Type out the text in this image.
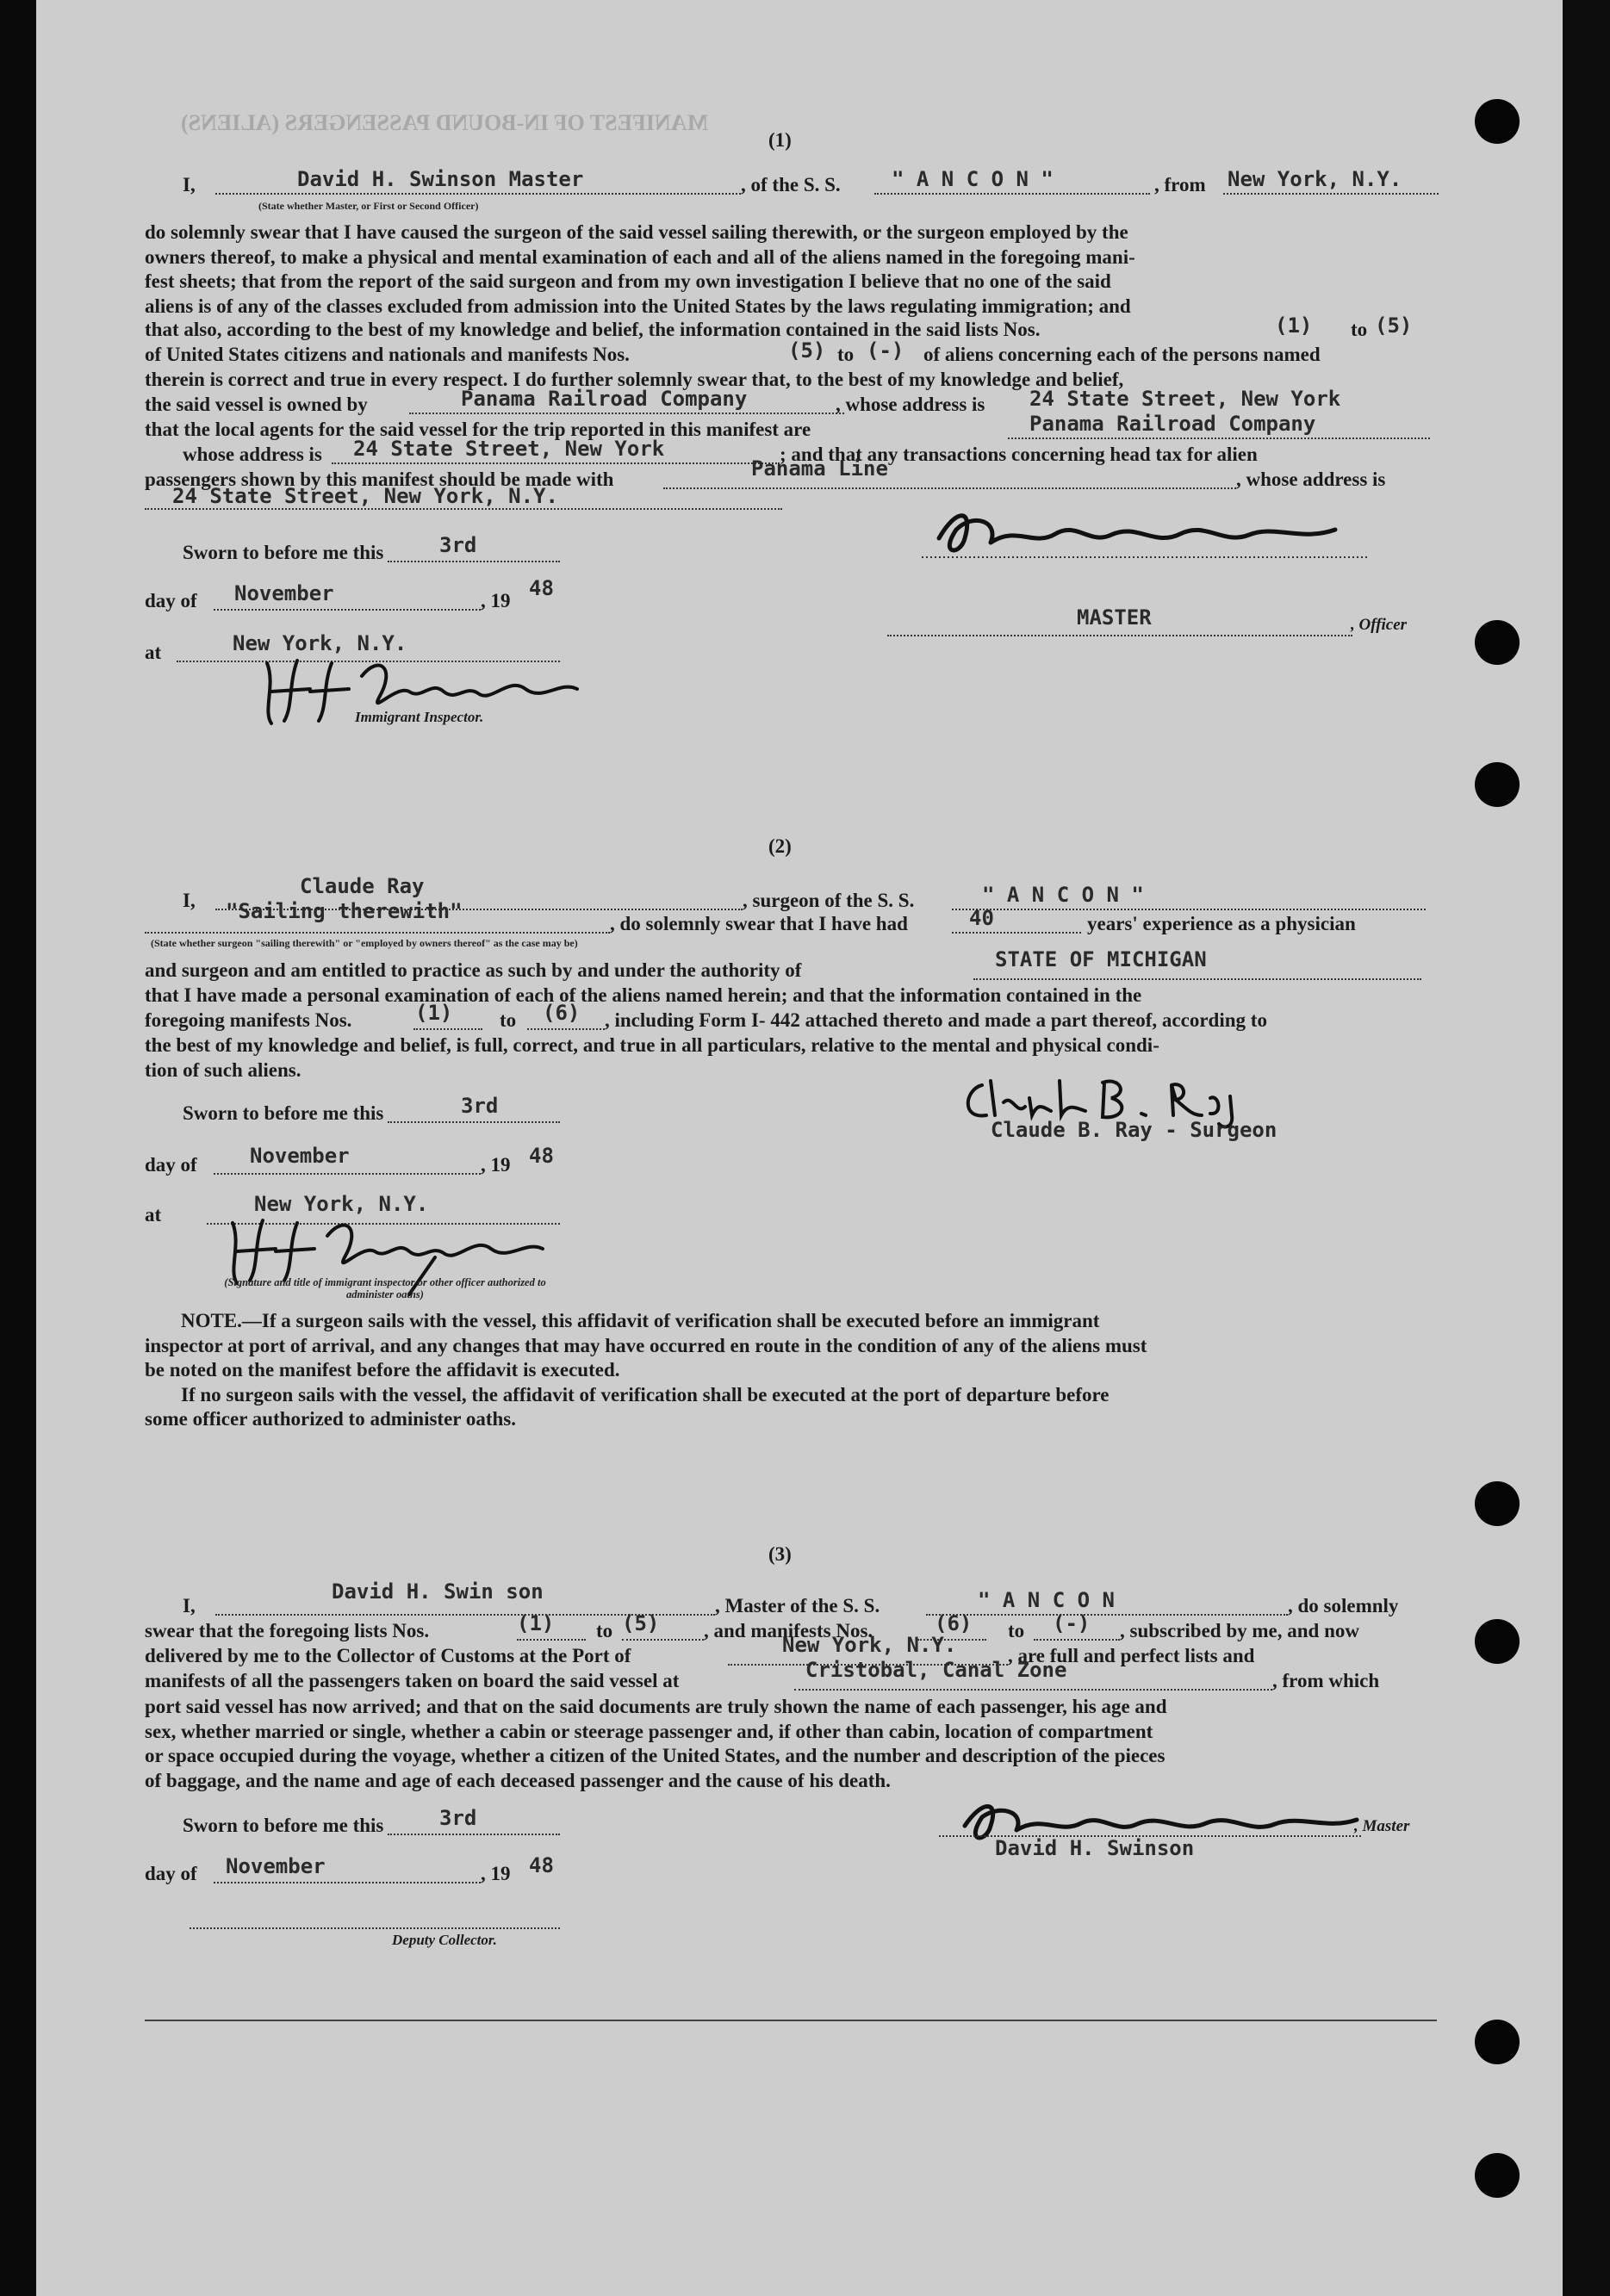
MANIFEST OF IN-BOUND PASSENGERS (ALIENS)
(1)
I,	David H. Swinson Master	, of the S. S. " A N C O N "	, from New York, N.Y.
(State whether Master, or First or Second Officer)

do solemnly swear that I have caused the surgeon of the said vessel sailing therewith, or the surgeon employed by the

owners thereof, to make a physical and mental examination of each and all of the aliens named in the foregoing mani-

fest sheets; that from the report of the said surgeon and from my own investigation I believe that no one of the said

aliens is of any of the classes excluded from admission into the United States by the laws regulating immigration; and

that also, according to the best of my knowledge and belief, the information contained in the said lists Nos.	(1) to (5)
of United States citizens and nationals and manifests Nos.	(5) to (-) of aliens concerning each of the persons named
therein is correct and true in every respect. I do further solemnly swear that, to the best of my knowledge and belief,
the said vessel is owned by	Panama Railroad Company	, whose address is 24 State Street, New York
that the local agents for the said vessel for the trip reported in this manifest are	Panama Railroad Company
whose address is 24 State Street, New York	; and that any transactions concerning head tax for alien
passengers shown by this manifest should be made with	Panama Line	, whose address is
24 State Street, New York, N.Y.
Sworn to before me this	3rd
day of November	, 19
48
MASTER	, Officer
at	New York, N.Y.
Immigrant Inspector.
(2)
I,
Claude Ray
, surgeon of the S. S.	" A N C O N "
"Sailing therewith"
, do solemnly swear that I have had	40	years' experience as a physician
(State whether surgeon "sailing therewith" or "employed by owners thereof" as the case may be)
and surgeon and am entitled to practice as such by and under the authority of	STATE OF MICHIGAN
that I have made a personal examination of each of the aliens named herein; and that the information contained in the
foregoing manifests Nos.	(1) to (6) , including Form I- 442 attached thereto and made a part thereof, according to
the best of my knowledge and belief, is full, correct, and true in all particulars, relative to the mental and physical condi-
tion of such aliens.
Sworn to before me this	3rd
Claude B. Ray - Surgeon
day of	November	, 19 48
at	New York, N.Y.
(Signature and title of immigrant inspector or other officer authorized to administer oaths)

NOTE.—If a surgeon sails with the vessel, this affidavit of verification shall be executed before an immigrant

inspector at port of arrival, and any changes that may have occurred en route in the condition of any of the aliens must

be noted on the manifest before the affidavit is executed.

If no surgeon sails with the vessel, the affidavit of verification shall be executed at the port of departure before

some officer authorized to administer oaths.

(3)
I,
David H. Swin son
, Master of the S. S.	" A N C O N	, do solemnly
swear that the foregoing lists Nos.	(1) to (5) , and manifests Nos.	(6) to (-) , subscribed by me, and now
delivered by me to the Collector of Customs at the Port of	New York, N.Y.	, are full and perfect lists and
manifests of all the passengers taken on board the said vessel at	Cristobal, Canal Zone	, from which

port said vessel has now arrived; and that on the said documents are truly shown the name of each passenger, his age and

sex, whether married or single, whether a cabin or steerage passenger and, if other than cabin, location of compartment

or space occupied during the voyage, whether a citizen of the United States, and the number and description of the pieces

of baggage, and the name and age of each deceased passenger and the cause of his death.

Sworn to before me this	3rd	, Master
David H. Swinson
day of November	, 19 48
Deputy Collector.
